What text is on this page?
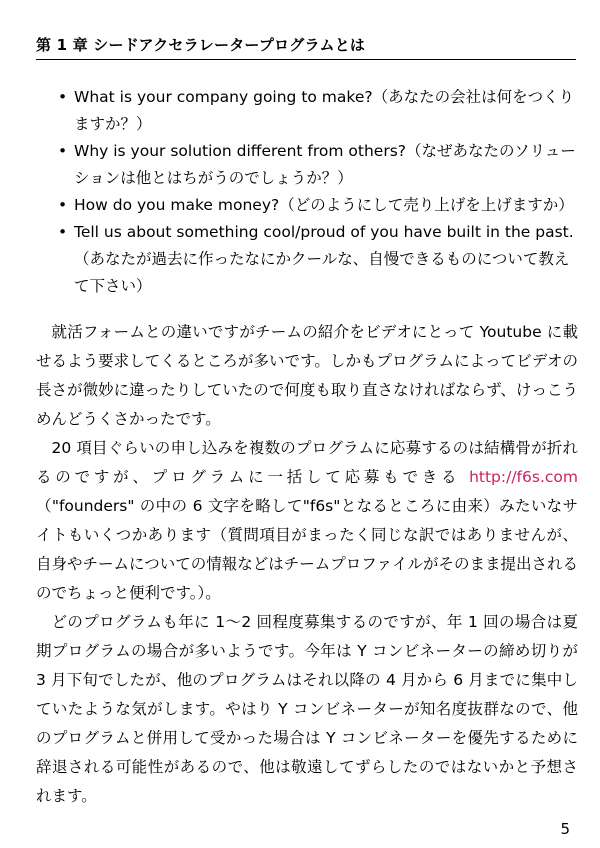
第 1 章 シードアクセラレータープログラムとは
• What is your company going to make?（あなたの会社は何をつくりますか？）
• Why is your solution different from others?（なぜあなたのソリューションは他とはちがうのでしょうか？）
• How do you make money?（どのようにして売り上げを上げますか）
• Tell us about something cool/proud of you have built in the past.（あなたが過去に作ったなにかクールな、自慢できるものについて教えて下さい）

就活フォームとの違いですがチームの紹介をビデオにとって Youtube に載せるよう要求してくるところが多いです。しかもプログラムによってビデオの長さが微妙に違ったりしていたので何度も取り直さなければならず、けっこうめんどうくさかったです。

20 項目ぐらいの申し込みを複数のプログラムに応募するのは結構骨が折れるのですが、プログラムに一括して応募もできる http://f6s.com（"founders" の中の 6 文字を略して"f6s"となるところに由来）みたいなサイトもいくつかあります（質問項目がまったく同じな訳ではありませんが、自身やチームについての情報などはチームプロファイルがそのまま提出されるのでちょっと便利です。）。

どのプログラムも年に 1〜2 回程度募集するのですが、年 1 回の場合は夏期プログラムの場合が多いようです。今年は Y コンビネーターの締め切りが 3 月下旬でしたが、他のプログラムはそれ以降の 4 月から 6 月までに集中していたような気がします。やはり Y コンビネーターが知名度抜群なので、他のプログラムと併用して受かった場合は Y コンビネーターを優先するために辞退される可能性があるので、他は敬遠してずらしたのではないかと予想されます。

5
